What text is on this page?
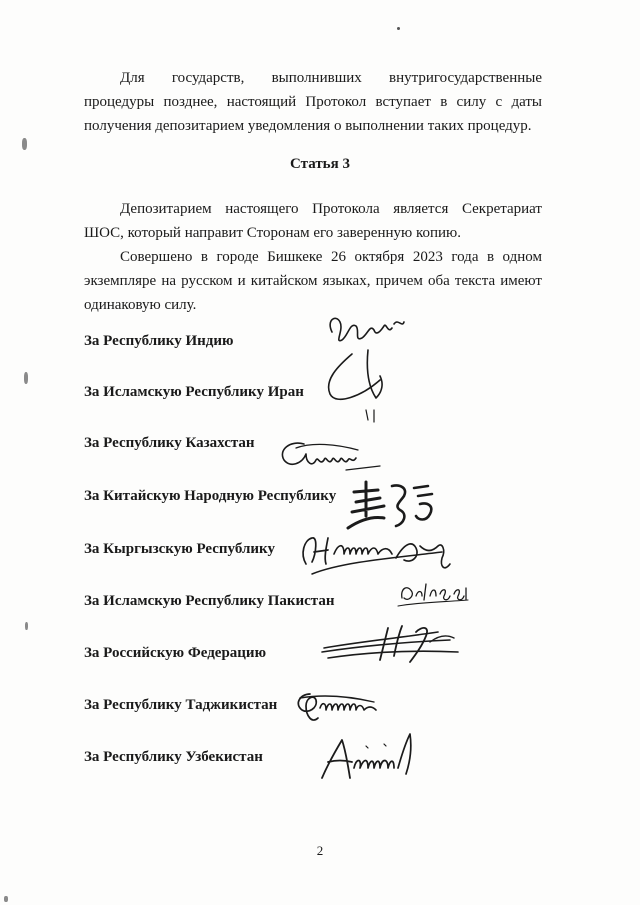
Для государств, выполнивших внутригосударственные процедуры позднее, настоящий Протокол вступает в силу с даты получения депозитарием уведомления о выполнении таких процедур.
Статья 3
Депозитарием настоящего Протокола является Секретариат ШОС, который направит Сторонам его заверенную копию.
Совершено в городе Бишкеке 26 октября 2023 года в одном экземпляре на русском и китайском языках, причем оба текста имеют одинаковую силу.
За Республику Индию
За Исламскую Республику Иран
За Республику Казахстан
За Китайскую Народную Республику
За Кыргызскую Республику
За Исламскую Республику Пакистан
За Российскую Федерацию
За Республику Таджикистан
За Республику Узбекистан
2
